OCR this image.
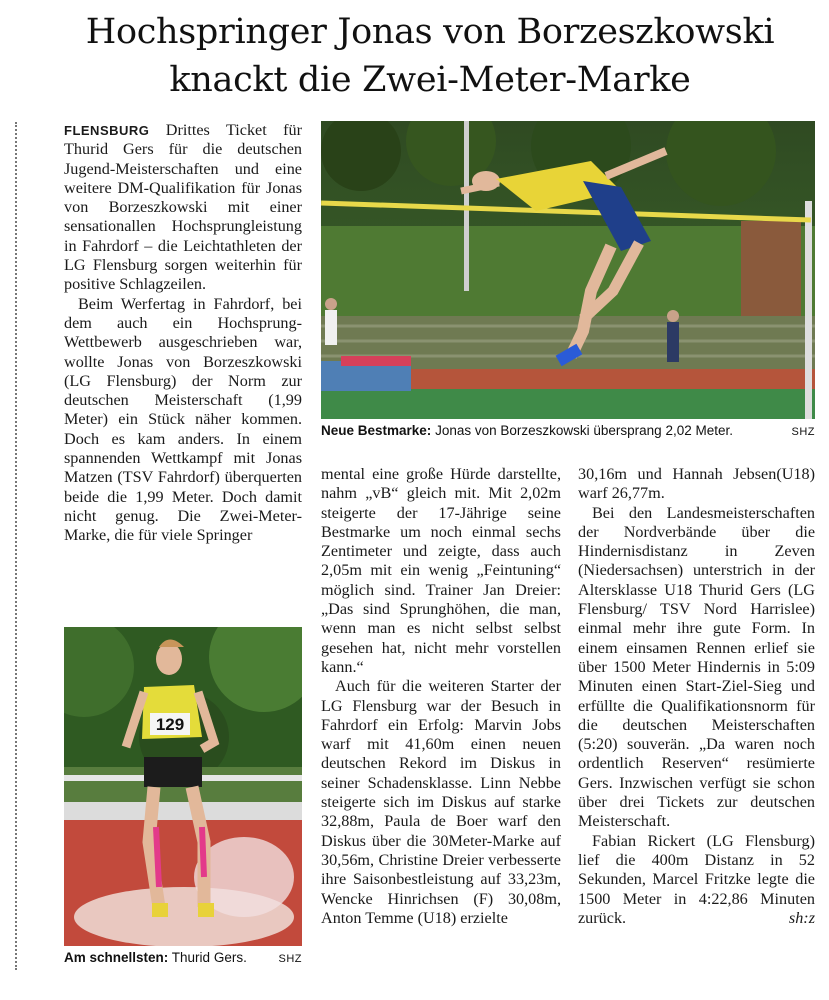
Hochspringer Jonas von Borzeszkowski
knackt die Zwei-Meter-Marke
Neue Bestmarke: Jonas von Borzeszkowski übersprang 2,02 Meter.	SHZ
129
Am schnellsten: Thurid Gers.	SHZ

FLENSBURG Drittes Ticket für Thurid Gers für die deutschen Jugend-Meisterschaften und eine weitere DM-Qualifikation für Jonas von Borzeszkowski mit einer sensationallen Hochsprungleistung in Fahrdorf – die Leichtathleten der LG Flensburg sorgen weiterhin für positive Schlagzeilen.

Beim Werfertag in Fahrdorf, bei dem auch ein Hochsprung-Wettbewerb ausgeschrieben war, wollte Jonas von Borzeszkowski (LG Flensburg) der Norm zur deutschen Meisterschaft (1,99 Meter) ein Stück näher kommen. Doch es kam anders. In einem spannenden Wettkampf mit Jonas Matzen (TSV Fahrdorf) überquerten beide die 1,99 Meter. Doch damit nicht genug. Die Zwei-Meter-Marke, die für viele Springer

mental eine große Hürde darstellte, nahm „vB“ gleich mit. Mit 2,02m steigerte der 17-Jährige seine Bestmarke um noch einmal sechs Zentimeter und zeigte, dass auch 2,05m mit ein wenig „Feintuning“ möglich sind. Trainer Jan Dreier: „Das sind Sprunghöhen, die man, wenn man es nicht selbst selbst gesehen hat, nicht mehr vorstellen kann.“

Auch für die weiteren Starter der LG Flensburg war der Besuch in Fahrdorf ein Erfolg: Marvin Jobs warf mit 41,60m einen neuen deutschen Rekord im Diskus in seiner Schadensklasse. Linn Nebbe steigerte sich im Diskus auf starke 32,88m, Paula de Boer warf den Diskus über die 30Meter-Marke auf 30,56m, Christine Dreier verbesserte ihre Saisonbestleistung auf 33,23m, Wencke Hinrichsen (F) 30,08m, Anton Temme (U18) erzielte

30,16m und Hannah Jebsen(U18) warf 26,77m.

Bei den Landesmeisterschaften der Nordverbände über die Hindernisdistanz in Zeven (Niedersachsen) unterstrich in der Altersklasse U18 Thurid Gers (LG Flensburg/ TSV Nord Harrislee) einmal mehr ihre gute Form. In einem einsamen Rennen erlief sie über 1500 Meter Hindernis in 5:09 Minuten einen Start-Ziel-Sieg und erfüllte die Qualifikationsnorm für die deutschen Meisterschaften (5:20) souverän. „Da waren noch ordentlich Reserven“ resümierte Gers. Inzwischen verfügt sie schon über drei Tickets zur deutschen Meisterschaft.

Fabian Rickert (LG Flensburg) lief die 400m Distanz in 52 Sekunden, Marcel Fritzke legte die 1500 Meter in 4:22,86 Minuten zurück.	sh:z
